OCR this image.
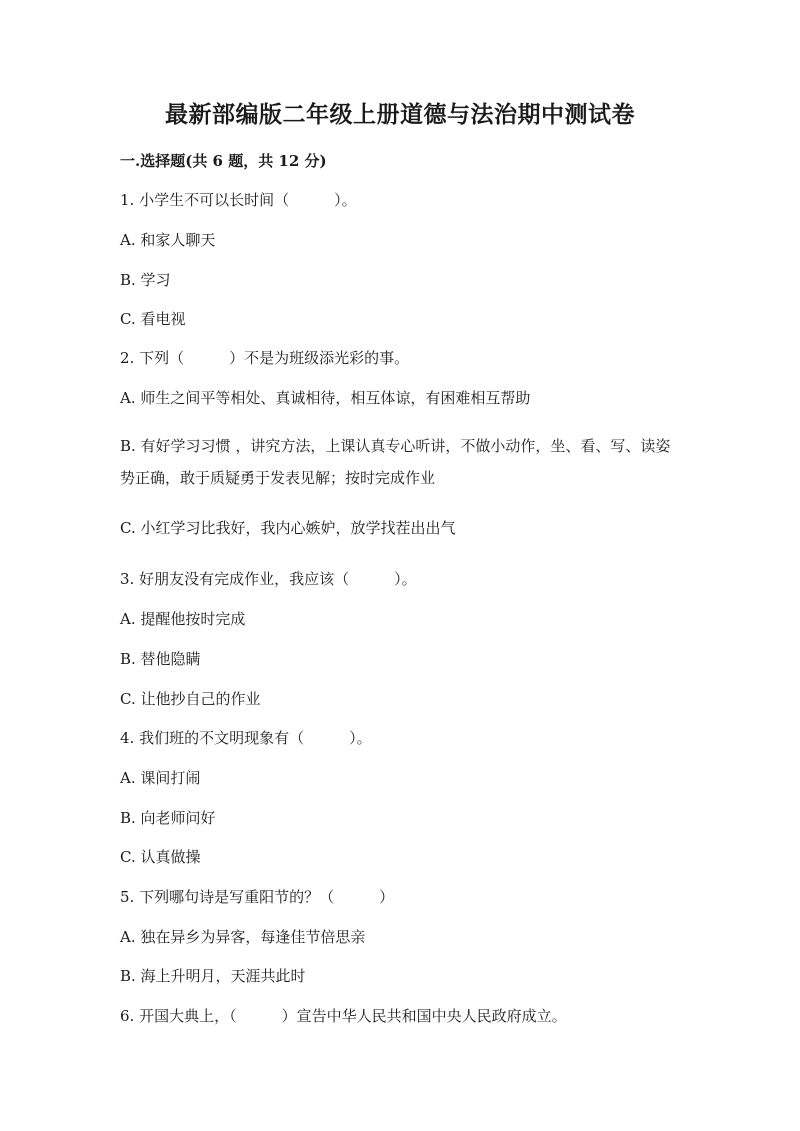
最新部编版二年级上册道德与法治期中测试卷
一.选择题(共 6 题，共 12 分)
1. 小学生不可以长时间（　　　）。
A. 和家人聊天
B. 学习
C. 看电视
2. 下列（　　　）不是为班级添光彩的事。
A. 师生之间平等相处、真诚相待，相互体谅，有困难相互帮助
B. 有好学习习惯 ，讲究方法，上课认真专心听讲，不做小动作，坐、看、写、读姿势正确，敢于质疑勇于发表见解；按时完成作业
C. 小红学习比我好，我内心嫉妒，放学找茬出出气
3. 好朋友没有完成作业，我应该（　　　）。
A. 提醒他按时完成
B. 替他隐瞒
C. 让他抄自己的作业
4. 我们班的不文明现象有（　　　）。
A. 课间打闹
B. 向老师问好
C. 认真做操
5. 下列哪句诗是写重阳节的？（　　　）
A. 独在异乡为异客，每逢佳节倍思亲
B. 海上升明月，天涯共此时
6. 开国大典上，（　　　）宣告中华人民共和国中央人民政府成立。
